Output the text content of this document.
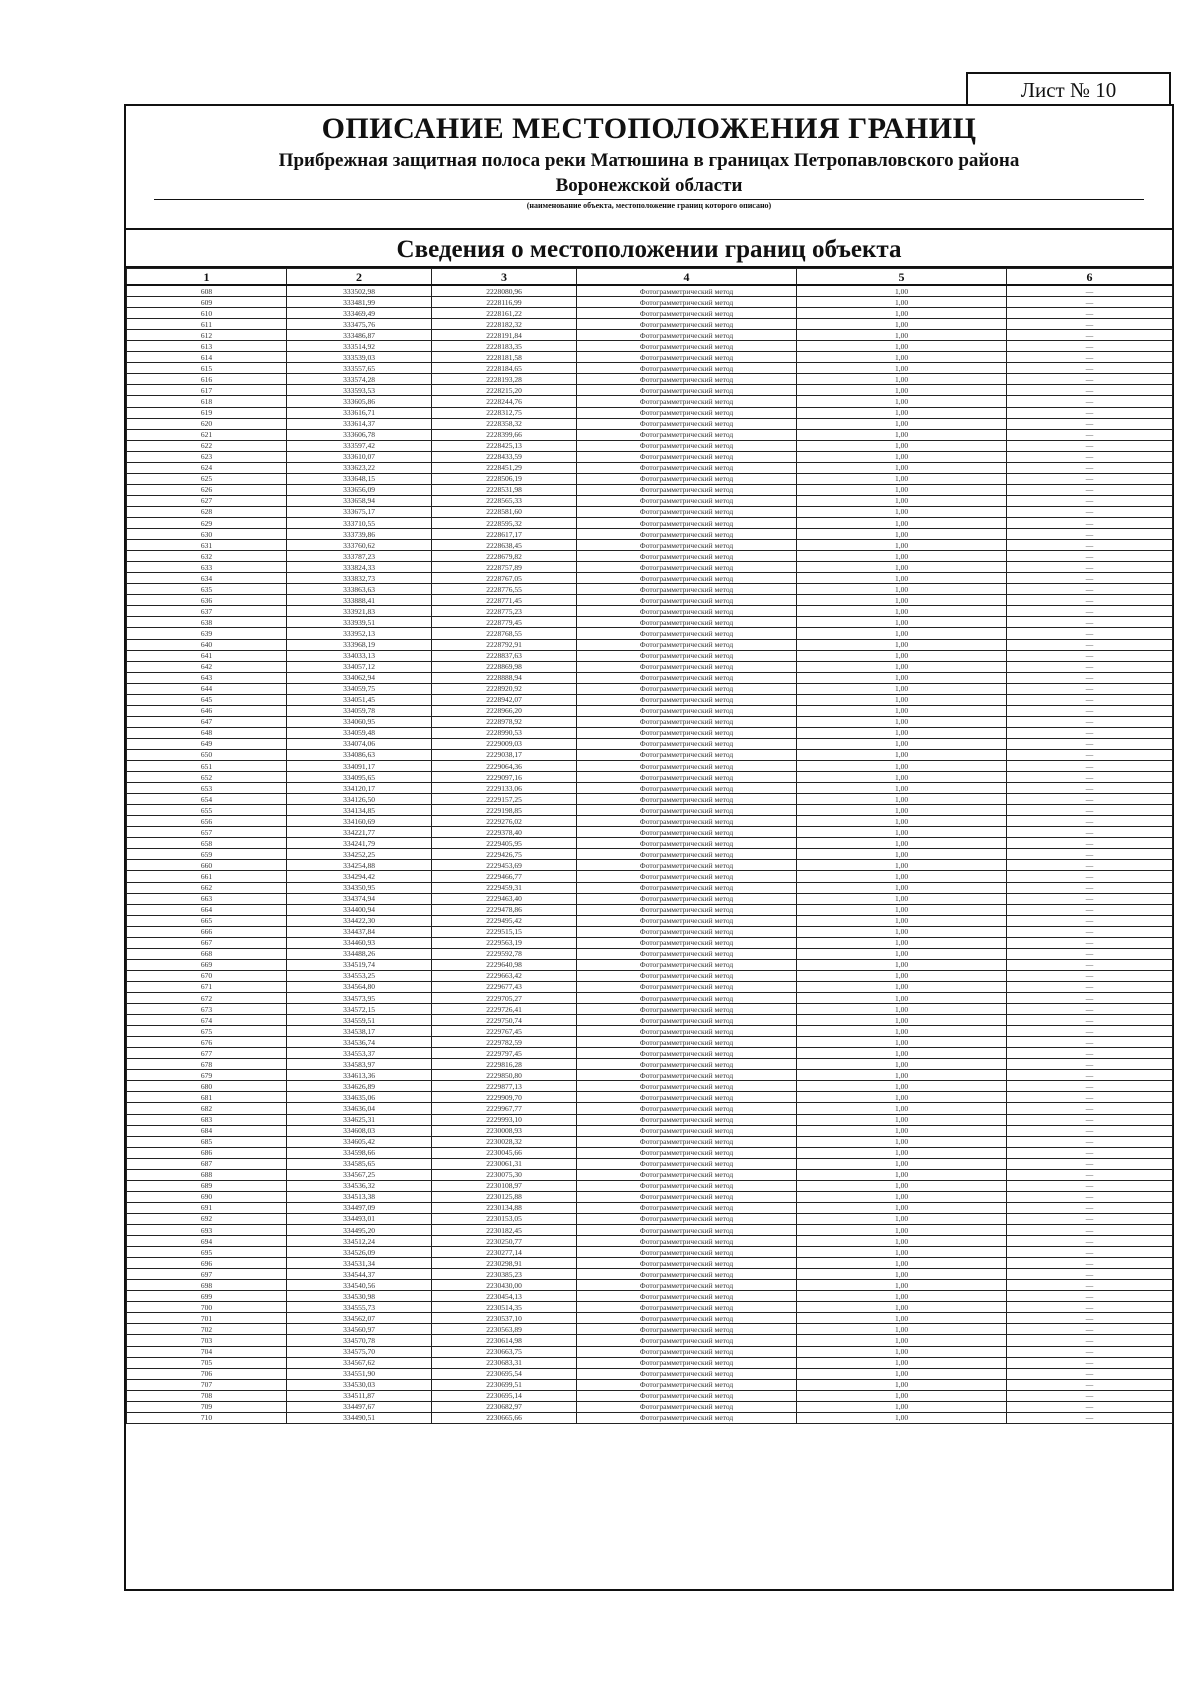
Лист № 10
ОПИСАНИЕ МЕСТОПОЛОЖЕНИЯ ГРАНИЦ
Прибрежная защитная полоса реки Матюшина в границах Петропавловского района
Воронежской области
(наименование объекта, местоположение границ которого описано)
Сведения о местоположении границ объекта
1	2	3	4	5	6
608	333502,98	2228080,96	Фотограмметрический метод	1,00	—
609	333481,99	2228116,99	Фотограмметрический метод	1,00	—
610	333469,49	2228161,22	Фотограмметрический метод	1,00	—
611	333475,76	2228182,32	Фотограмметрический метод	1,00	—
612	333486,87	2228191,84	Фотограмметрический метод	1,00	—
613	333514,92	2228183,35	Фотограмметрический метод	1,00	—
614	333539,03	2228181,58	Фотограмметрический метод	1,00	—
615	333557,65	2228184,65	Фотограмметрический метод	1,00	—
616	333574,28	2228193,28	Фотограмметрический метод	1,00	—
617	333593,53	2228215,20	Фотограмметрический метод	1,00	—
618	333605,86	2228244,76	Фотограмметрический метод	1,00	—
619	333616,71	2228312,75	Фотограмметрический метод	1,00	—
620	333614,37	2228358,32	Фотограмметрический метод	1,00	—
621	333606,78	2228399,66	Фотограмметрический метод	1,00	—
622	333597,42	2228425,13	Фотограмметрический метод	1,00	—
623	333610,07	2228433,59	Фотограмметрический метод	1,00	—
624	333623,22	2228451,29	Фотограмметрический метод	1,00	—
625	333648,15	2228506,19	Фотограмметрический метод	1,00	—
626	333656,09	2228531,98	Фотограмметрический метод	1,00	—
627	333658,94	2228565,33	Фотограмметрический метод	1,00	—
628	333675,17	2228581,60	Фотограмметрический метод	1,00	—
629	333710,55	2228595,32	Фотограмметрический метод	1,00	—
630	333739,86	2228617,17	Фотограмметрический метод	1,00	—
631	333760,62	2228638,45	Фотограмметрический метод	1,00	—
632	333787,23	2228679,82	Фотограмметрический метод	1,00	—
633	333824,33	2228757,89	Фотограмметрический метод	1,00	—
634	333832,73	2228767,05	Фотограмметрический метод	1,00	—
635	333863,63	2228776,55	Фотограмметрический метод	1,00	—
636	333888,41	2228771,45	Фотограмметрический метод	1,00	—
637	333921,83	2228775,23	Фотограмметрический метод	1,00	—
638	333939,51	2228779,45	Фотограмметрический метод	1,00	—
639	333952,13	2228768,55	Фотограмметрический метод	1,00	—
640	333968,19	2228792,91	Фотограмметрический метод	1,00	—
641	334033,13	2228837,63	Фотограмметрический метод	1,00	—
642	334057,12	2228869,98	Фотограмметрический метод	1,00	—
643	334062,94	2228888,94	Фотограмметрический метод	1,00	—
644	334059,75	2228920,92	Фотограмметрический метод	1,00	—
645	334051,45	2228942,07	Фотограмметрический метод	1,00	—
646	334059,78	2228966,20	Фотограмметрический метод	1,00	—
647	334060,95	2228978,92	Фотограмметрический метод	1,00	—
648	334059,48	2228990,53	Фотограмметрический метод	1,00	—
649	334074,06	2229009,03	Фотограмметрический метод	1,00	—
650	334086,63	2229038,17	Фотограмметрический метод	1,00	—
651	334091,17	2229064,36	Фотограмметрический метод	1,00	—
652	334095,65	2229097,16	Фотограмметрический метод	1,00	—
653	334120,17	2229133,06	Фотограмметрический метод	1,00	—
654	334126,50	2229157,25	Фотограмметрический метод	1,00	—
655	334134,85	2229198,85	Фотограмметрический метод	1,00	—
656	334160,69	2229276,02	Фотограмметрический метод	1,00	—
657	334221,77	2229378,40	Фотограмметрический метод	1,00	—
658	334241,79	2229405,95	Фотограмметрический метод	1,00	—
659	334252,25	2229426,75	Фотограмметрический метод	1,00	—
660	334254,88	2229453,69	Фотограмметрический метод	1,00	—
661	334294,42	2229466,77	Фотограмметрический метод	1,00	—
662	334350,95	2229459,31	Фотограмметрический метод	1,00	—
663	334374,94	2229463,40	Фотограмметрический метод	1,00	—
664	334400,94	2229478,86	Фотограмметрический метод	1,00	—
665	334422,30	2229495,42	Фотограмметрический метод	1,00	—
666	334437,84	2229515,15	Фотограмметрический метод	1,00	—
667	334460,93	2229563,19	Фотограмметрический метод	1,00	—
668	334488,26	2229592,78	Фотограмметрический метод	1,00	—
669	334519,74	2229640,98	Фотограмметрический метод	1,00	—
670	334553,25	2229663,42	Фотограмметрический метод	1,00	—
671	334564,80	2229677,43	Фотограмметрический метод	1,00	—
672	334573,95	2229705,27	Фотограмметрический метод	1,00	—
673	334572,15	2229726,41	Фотограмметрический метод	1,00	—
674	334559,51	2229750,74	Фотограмметрический метод	1,00	—
675	334538,17	2229767,45	Фотограмметрический метод	1,00	—
676	334536,74	2229782,59	Фотограмметрический метод	1,00	—
677	334553,37	2229797,45	Фотограмметрический метод	1,00	—
678	334583,97	2229816,28	Фотограмметрический метод	1,00	—
679	334613,36	2229850,80	Фотограмметрический метод	1,00	—
680	334626,89	2229877,13	Фотограмметрический метод	1,00	—
681	334635,06	2229909,70	Фотограмметрический метод	1,00	—
682	334636,04	2229967,77	Фотограмметрический метод	1,00	—
683	334625,31	2229993,10	Фотограмметрический метод	1,00	—
684	334608,03	2230008,93	Фотограмметрический метод	1,00	—
685	334605,42	2230028,32	Фотограмметрический метод	1,00	—
686	334598,66	2230045,66	Фотограмметрический метод	1,00	—
687	334585,65	2230061,31	Фотограмметрический метод	1,00	—
688	334567,25	2230075,30	Фотограмметрический метод	1,00	—
689	334536,32	2230108,97	Фотограмметрический метод	1,00	—
690	334513,38	2230125,88	Фотограмметрический метод	1,00	—
691	334497,09	2230134,88	Фотограмметрический метод	1,00	—
692	334493,01	2230153,05	Фотограмметрический метод	1,00	—
693	334495,20	2230182,45	Фотограмметрический метод	1,00	—
694	334512,24	2230250,77	Фотограмметрический метод	1,00	—
695	334526,09	2230277,14	Фотограмметрический метод	1,00	—
696	334531,34	2230298,91	Фотограмметрический метод	1,00	—
697	334544,37	2230385,23	Фотограмметрический метод	1,00	—
698	334540,56	2230430,00	Фотограмметрический метод	1,00	—
699	334530,98	2230454,13	Фотограмметрический метод	1,00	—
700	334555,73	2230514,35	Фотограмметрический метод	1,00	—
701	334562,07	2230537,10	Фотограмметрический метод	1,00	—
702	334560,97	2230563,89	Фотограмметрический метод	1,00	—
703	334570,78	2230614,98	Фотограмметрический метод	1,00	—
704	334575,70	2230663,75	Фотограмметрический метод	1,00	—
705	334567,62	2230683,31	Фотограмметрический метод	1,00	—
706	334551,90	2230695,54	Фотограмметрический метод	1,00	—
707	334530,03	2230699,51	Фотограмметрический метод	1,00	—
708	334511,87	2230695,14	Фотограмметрический метод	1,00	—
709	334497,67	2230682,97	Фотограмметрический метод	1,00	—
710	334490,51	2230665,66	Фотограмметрический метод	1,00	—
